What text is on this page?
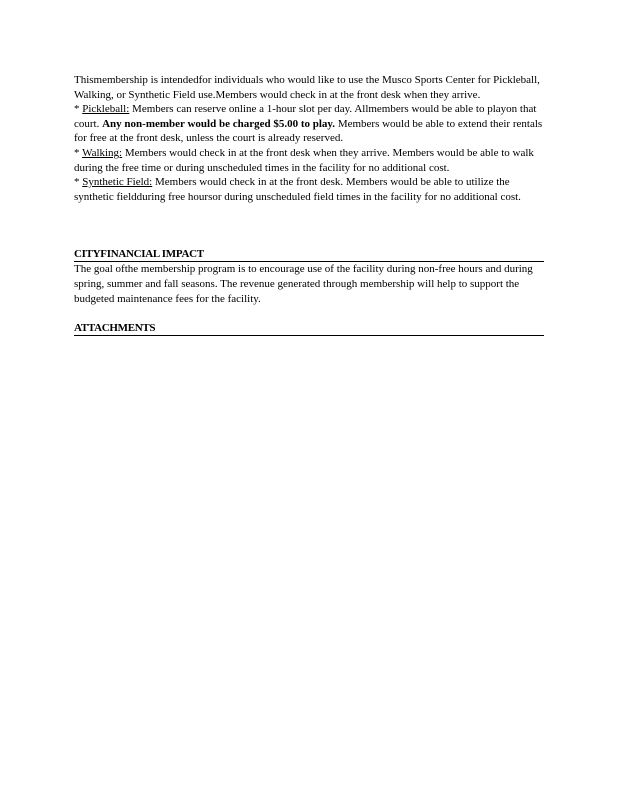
Thismembership is intendedfor individuals who would like to use the Musco Sports Center for Pickleball, Walking, or Synthetic Field use.Members would check in at the front desk when they arrive.

* Pickleball: Members can reserve online a 1-hour slot per day. Allmembers would be able to playon that court. Any non-member would be charged $5.00 to play. Members would be able to extend their rentals for free at the front desk, unless the court is already reserved.

* Walking: Members would check in at the front desk when they arrive. Members would be able to walk during the free time or during unscheduled times in the facility for no additional cost.

* Synthetic Field: Members would check in at the front desk. Members would be able to utilize the synthetic fieldduring free hoursor during unscheduled field times in the facility for no additional cost.

CITYFINANCIAL IMPACT
The goal ofthe membership program is to encourage use of the facility during non-free hours and during spring, summer and fall seasons. The revenue generated through membership will help to support the budgeted maintenance fees for the facility.
ATTACHMENTS
